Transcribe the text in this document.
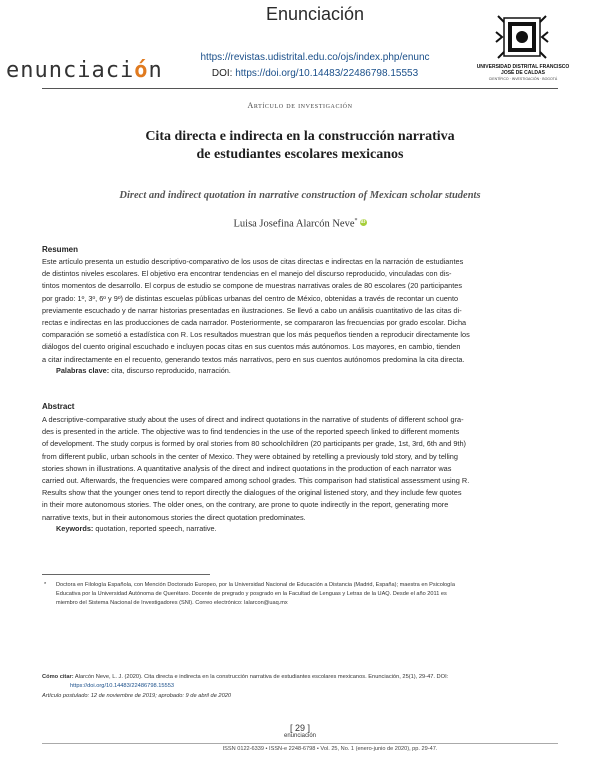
enunciación
Enunciación
https://revistas.udistrital.edu.co/ojs/index.php/enunc
DOI: https://doi.org/10.14483/22486798.15553
UNIVERSIDAD DISTRITAL FRANCISCO JOSÉ DE CALDAS
CIENTÍFICO · INVESTIGACIÓN · BOGOTÁ
Artículo de investigación
Cita directa e indirecta en la construcción narrativa
de estudiantes escolares mexicanos
Direct and indirect quotation in narrative construction of Mexican scholar students
Luisa Josefina Alarcón Neve* iD
Resumen

Este artículo presenta un estudio descriptivo-comparativo de los usos de citas directas e indirectas en la narración de estudiantes

de distintos niveles escolares. El objetivo era encontrar tendencias en el manejo del discurso reproducido, vinculadas con dis-

tintos momentos de desarrollo. El corpus de estudio se compone de muestras narrativas orales de 80 escolares (20 participantes

por grado: 1º, 3º, 6º y 9º) de distintas escuelas públicas urbanas del centro de México, obtenidas a través de recontar un cuento

previamente escuchado y de narrar historias presentadas en ilustraciones. Se llevó a cabo un análisis cuantitativo de las citas di-

rectas e indirectas en las producciones de cada narrador. Posteriormente, se compararon las frecuencias por grado escolar. Dicha

comparación se sometió a estadística con R. Los resultados muestran que los más pequeños tienden a reproducir directamente los

diálogos del cuento original escuchado e incluyen pocas citas en sus cuentos más autónomos. Los mayores, en cambio, tienden

a citar indirectamente en el recuento, generando textos más narrativos, pero en sus cuentos autónomos predomina la cita directa.

Palabras clave: cita, discurso reproducido, narración.
Abstract

A descriptive-comparative study about the uses of direct and indirect quotations in the narrative of students of different school gra-

des is presented in the article. The objective was to find tendencies in the use of the reported speech linked to different moments

of development. The study corpus is formed by oral stories from 80 schoolchildren (20 participants per grade, 1st, 3rd, 6th and 9th)

from different public, urban schools in the center of Mexico. They were obtained by retelling a previously told story, and by telling

stories shown in illustrations. A quantitative analysis of the direct and indirect quotations in the production of each narrator was

carried out. Afterwards, the frequencies were compared among school grades. This comparison had statistical assessment using R.

Results show that the younger ones tend to report directly the dialogues of the original listened story, and they include few quotes

in their more autonomous stories. The older ones, on the contrary, are prone to quote indirectly in the report, generating more

narrative texts, but in their autonomous stories the direct quotation predominates.

Keywords: quotation, reported speech, narrative.
* Doctora en Filología Española, con Mención Doctorado Europeo, por la Universidad Nacional de Educación a Distancia (Madrid, España); maestra en Psicología
Educativa por la Universidad Autónoma de Querétaro. Docente de pregrado y posgrado en la Facultad de Lenguas y Letras de la UAQ. Desde el año 2011 es
miembro del Sistema Nacional de Investigadores (SNI). Correo electrónico: lalarcon@uaq.mx
Cómo citar: Alarcón Neve, L. J. (2020). Cita directa e indirecta en la construcción narrativa de estudiantes escolares mexicanos. Enunciación, 25(1), 29-47. DOI:
https://doi.org/10.14483/22486798.15553
Artículo postulado: 12 de noviembre de 2019; aprobado: 9 de abril de 2020
[ 29 ]
enunciación
ISSN 0122-6339 • ISSN-e 2248-6798 • Vol. 25, No. 1 (enero-junio de 2020), pp. 29-47.
